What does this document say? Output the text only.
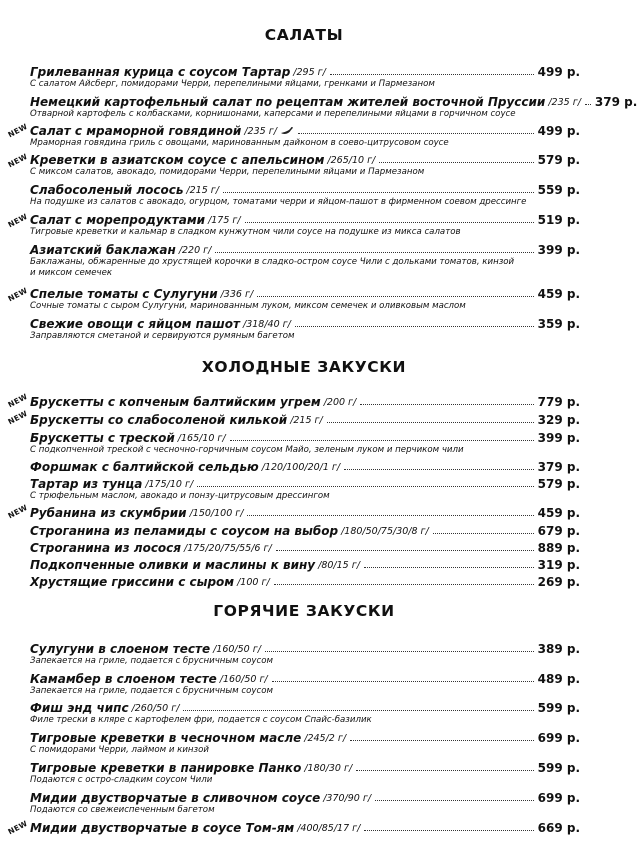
САЛАТЫ
Грилеванная курица с соусом Тартар /295 г/	499 р.
С салатом Айсберг, помидорами Черри, перепелиными яйцами, гренками и Пармезаном
Немецкий картофельный салат по рецептам жителей восточной Пруссии /235 г/ 379 р.
Отварной картофель с колбасками, корнишонами, каперсами и перепелиными яйцами в горчичном соусе
NEW Салат с мраморной говядиной /235 г/	499 р.
Мраморная говядина гриль с овощами, маринованным дайконом в соево-цитрусовом соусе
NEW Креветки в азиатском соусе с апельсином /265/10 г/	579 р.
С миксом салатов, авокадо, помидорами Черри, перепелиными яйцами и Пармезаном
Слабосоленый лосось /215 г/	559 р.
На подушке из салатов с авокадо, огурцом, томатами черри и яйцом-пашот в фирменном соевом дрессинге
NEW Салат с морепродуктами /175 г/	519 р.
Тигровые креветки и кальмар в сладком кунжутном чили соусе на подушке из микса салатов
Азиатский баклажан /220 г/	399 р.
Баклажаны, обжаренные до хрустящей корочки в сладко-остром соусе Чили с дольками томатов, кинзой
и миксом семечек
NEW Спелые томаты с Сулугуни /336 г/	459 р.
Сочные томаты с сыром Сулугуни, маринованным луком, миксом семечек и оливковым маслом
Свежие овощи с яйцом пашот /318/40 г/	359 р.
Заправляются сметаной и сервируются румяным багетом
ХОЛОДНЫЕ ЗАКУСКИ
NEW Брускетты с копченым балтийским угрем /200 г/	779 р.
NEW Брускетты со слабосоленой килькой /215 г/	329 р.
Брускетты с треской /165/10 г/	399 р.
С подкопченной треской с чесночно-горчичным соусом Майо, зеленым луком и перчиком чили
Форшмак с балтийской сельдью /120/100/20/1 г/	379 р.
Тартар из тунца /175/10 г/	579 р.
С трюфельным маслом, авокадо и понзу-цитрусовым дрессингом
NEW Рубанина из скумбрии /150/100 г/	459 р.
Строганина из пеламиды с соусом на выбор /180/50/75/30/8 г/	679 р.
Строганина из лосося /175/20/75/55/6 г/	889 р.
Подкопченные оливки и маслины к вину /80/15 г/	319 р.
Хрустящие гриссини с сыром /100 г/	269 р.
ГОРЯЧИЕ ЗАКУСКИ
Сулугуни в слоеном тесте /160/50 г/	389 р.
Запекается на гриле, подается с брусничным соусом
Камамбер в слоеном тесте /160/50 г/	489 р.
Запекается на гриле, подается с брусничным соусом
Фиш энд чипс /260/50 г/	599 р.
Филе трески в кляре с картофелем фри, подается с соусом Спайс-базилик
Тигровые креветки в чесночном масле /245/2 г/	699 р.
С помидорами Черри, лаймом и кинзой
Тигровые креветки в панировке Панко /180/30 г/	599 р.
Подаются с остро-сладким соусом Чили
Мидии двустворчатые в сливочном соусе /370/90 г/	699 р.
Подаются со свежеиспеченным багетом
NEW Мидии двустворчатые в соусе Том-ям /400/85/17 г/	669 р.
